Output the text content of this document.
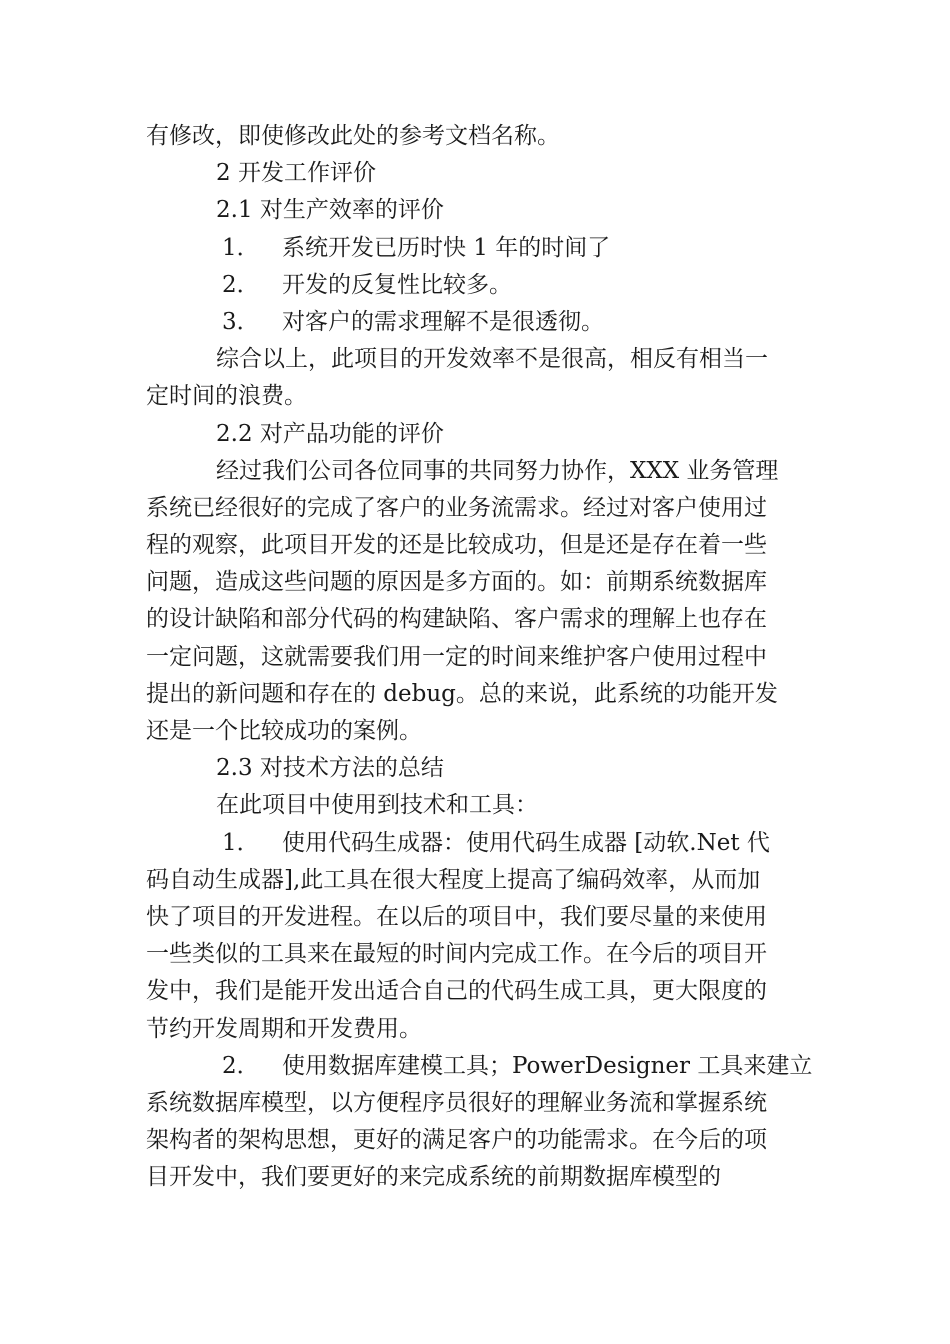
有修改，即使修改此处的参考文档名称。
2 开发工作评价
2.1 对生产效率的评价
1． 系统开发已历时快 1 年的时间了
2． 开发的反复性比较多。
3． 对客户的需求理解不是很透彻。
综合以上，此项目的开发效率不是很高，相反有相当一
定时间的浪费。
2.2 对产品功能的评价
经过我们公司各位同事的共同努力协作，XXX 业务管理
系统已经很好的完成了客户的业务流需求。经过对客户使用过
程的观察，此项目开发的还是比较成功，但是还是存在着一些
问题，造成这些问题的原因是多方面的。如：前期系统数据库
的设计缺陷和部分代码的构建缺陷、客户需求的理解上也存在
一定问题，这就需要我们用一定的时间来维护客户使用过程中
提出的新问题和存在的 debug。总的来说，此系统的功能开发
还是一个比较成功的案例。
2.3 对技术方法的总结
在此项目中使用到技术和工具：
1． 使用代码生成器：使用代码生成器 [动软.Net 代
码自动生成器],此工具在很大程度上提高了编码效率，从而加
快了项目的开发进程。在以后的项目中，我们要尽量的来使用
一些类似的工具来在最短的时间内完成工作。在今后的项目开
发中，我们是能开发出适合自己的代码生成工具，更大限度的
节约开发周期和开发费用。
2． 使用数据库建模工具；PowerDesigner 工具来建立
系统数据库模型，以方便程序员很好的理解业务流和掌握系统
架构者的架构思想，更好的满足客户的功能需求。在今后的项
目开发中，我们要更好的来完成系统的前期数据库模型的
